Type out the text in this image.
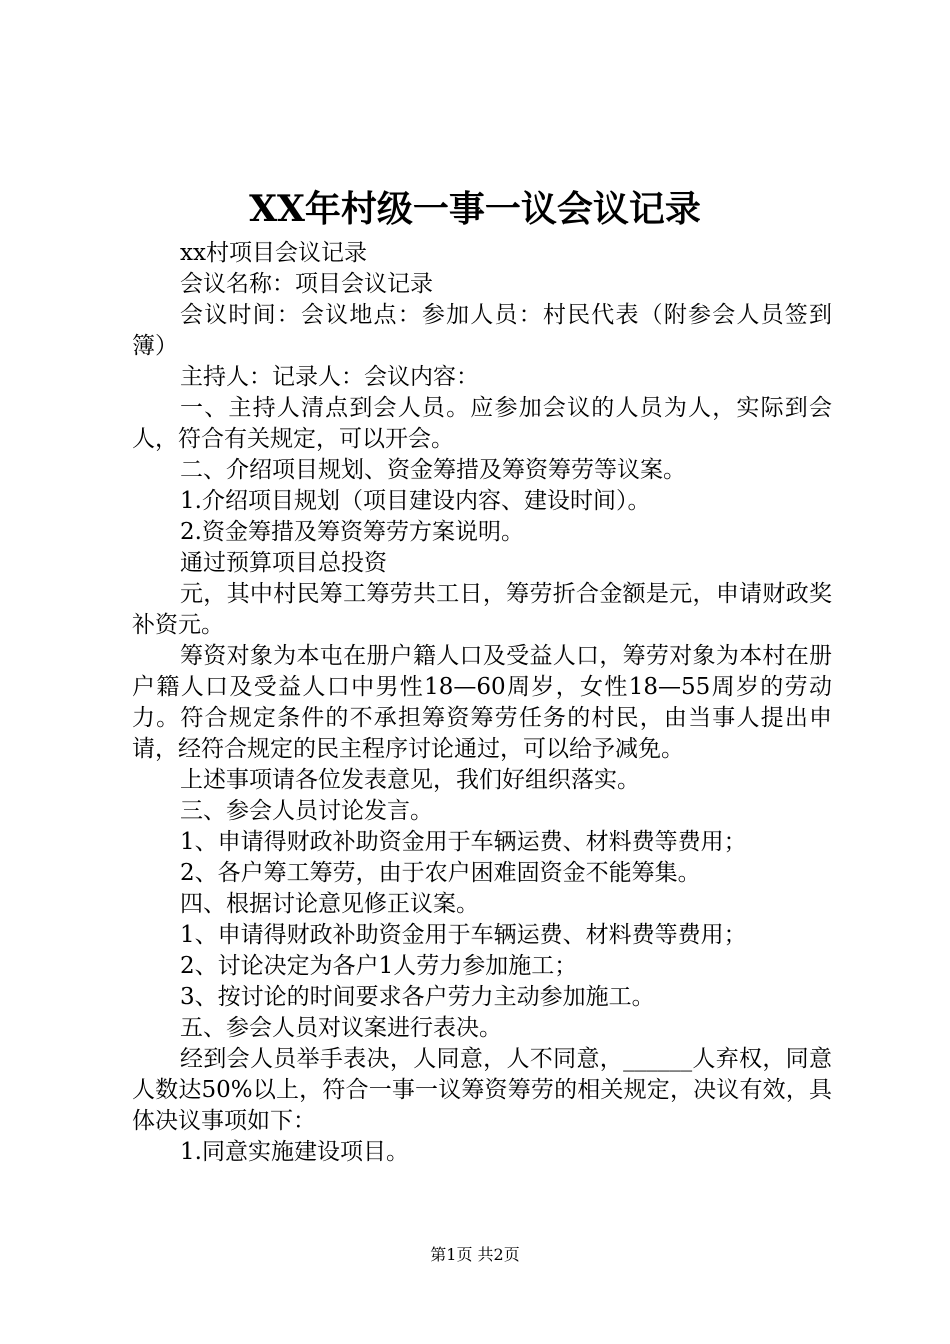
XX年村级一事一议会议记录

xx村项目会议记录

会议名称：项目会议记录

会议时间：会议地点：参加人员：村民代表（附参会人员签到簿）

主持人：记录人：会议内容：

一、主持人清点到会人员。应参加会议的人员为人，实际到会人，符合有关规定，可以开会。

二、介绍项目规划、资金筹措及筹资筹劳等议案。

1.介绍项目规划（项目建设内容、建设时间）。

2.资金筹措及筹资筹劳方案说明。

通过预算项目总投资

元，其中村民筹工筹劳共工日，筹劳折合金额是元，申请财政奖补资元。

筹资对象为本屯在册户籍人口及受益人口，筹劳对象为本村在册户籍人口及受益人口中男性18—60周岁，女性18—55周岁的劳动力。符合规定条件的不承担筹资筹劳任务的村民，由当事人提出申请，经符合规定的民主程序讨论通过，可以给予减免。

上述事项请各位发表意见，我们好组织落实。

三、参会人员讨论发言。

1、申请得财政补助资金用于车辆运费、材料费等费用；

2、各户筹工筹劳，由于农户困难固资金不能筹集。

四、根据讨论意见修正议案。

1、申请得财政补助资金用于车辆运费、材料费等费用；

2、讨论决定为各户1人劳力参加施工；

3、按讨论的时间要求各户劳力主动参加施工。

五、参会人员对议案进行表决。

经到会人员举手表决，人同意，人不同意，______人弃权，同意人数达50%以上，符合一事一议筹资筹劳的相关规定，决议有效，具体决议事项如下：

1.同意实施建设项目。

第1页 共2页
